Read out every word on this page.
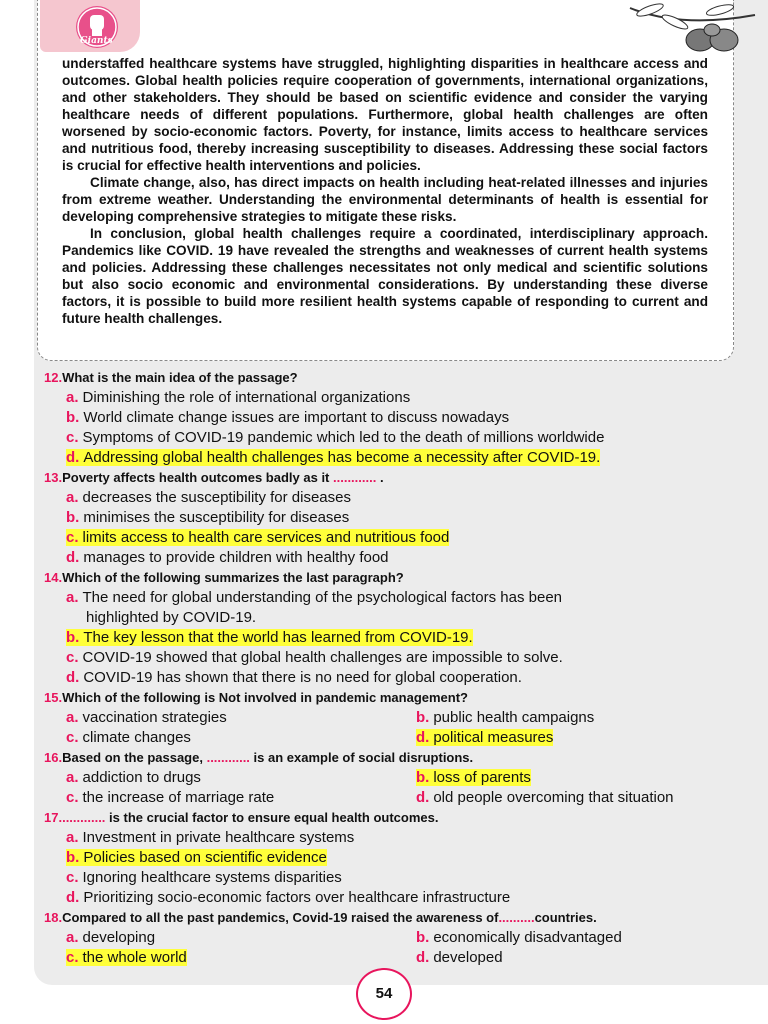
Giants

understaffed healthcare systems have struggled, highlighting disparities in healthcare access and outcomes. Global health policies require cooperation of governments, international organizations, and other stakeholders. They should be based on scientific evidence and consider the varying healthcare needs of different populations. Furthermore, global health challenges are often worsened by socio-economic factors. Poverty, for instance, limits access to healthcare services and nutritious food, thereby increasing susceptibility to diseases. Addressing these social factors is crucial for effective health interventions and policies.

Climate change, also, has direct impacts on health including heat-related illnesses and injuries from extreme weather. Understanding the environmental determinants of health is essential for developing comprehensive strategies to mitigate these risks.

In conclusion, global health challenges require a coordinated, interdisciplinary approach. Pandemics like COVID. 19 have revealed the strengths and weaknesses of current health systems and policies. Addressing these challenges necessitates not only medical and scientific solutions but also socio economic and environmental considerations. By understanding these diverse factors, it is possible to build more resilient health systems capable of responding to current and future health challenges.

12.What is the main idea of the passage?
a. Diminishing the role of international organizations
b. World climate change issues are important to discuss nowadays
c. Symptoms of COVID-19 pandemic which led to the death of millions worldwide
d. Addressing global health challenges has become a necessity after COVID-19.
13.Poverty affects health outcomes badly as it ............ .
a. decreases the susceptibility for diseases
b. minimises the susceptibility for diseases
c. limits access to health care services and nutritious food
d. manages to provide children with healthy food
14.Which of the following summarizes the last paragraph?
a. The need for global understanding of the psychological factors has been
highlighted by COVID-19.
b. The key lesson that the world has learned from COVID-19.
c. COVID-19 showed that global health challenges are impossible to solve.
d. COVID-19 has shown that there is no need for global cooperation.
15.Which of the following is Not involved in pandemic management?
a. vaccination strategies	b. public health campaigns
c. climate changes	d. political measures
16.Based on the passage, ............ is an example of social disruptions.
a. addiction to drugs	b. loss of parents
c. the increase of marriage rate	d. old people overcoming that situation
17............. is the crucial factor to ensure equal health outcomes.
a. Investment in private healthcare systems
b. Policies based on scientific evidence
c. Ignoring healthcare systems disparities
d. Prioritizing socio-economic factors over healthcare infrastructure
18.Compared to all the past pandemics, Covid-19 raised the awareness of..........countries.
a. developing	b. economically disadvantaged
c. the whole world	d. developed
54
